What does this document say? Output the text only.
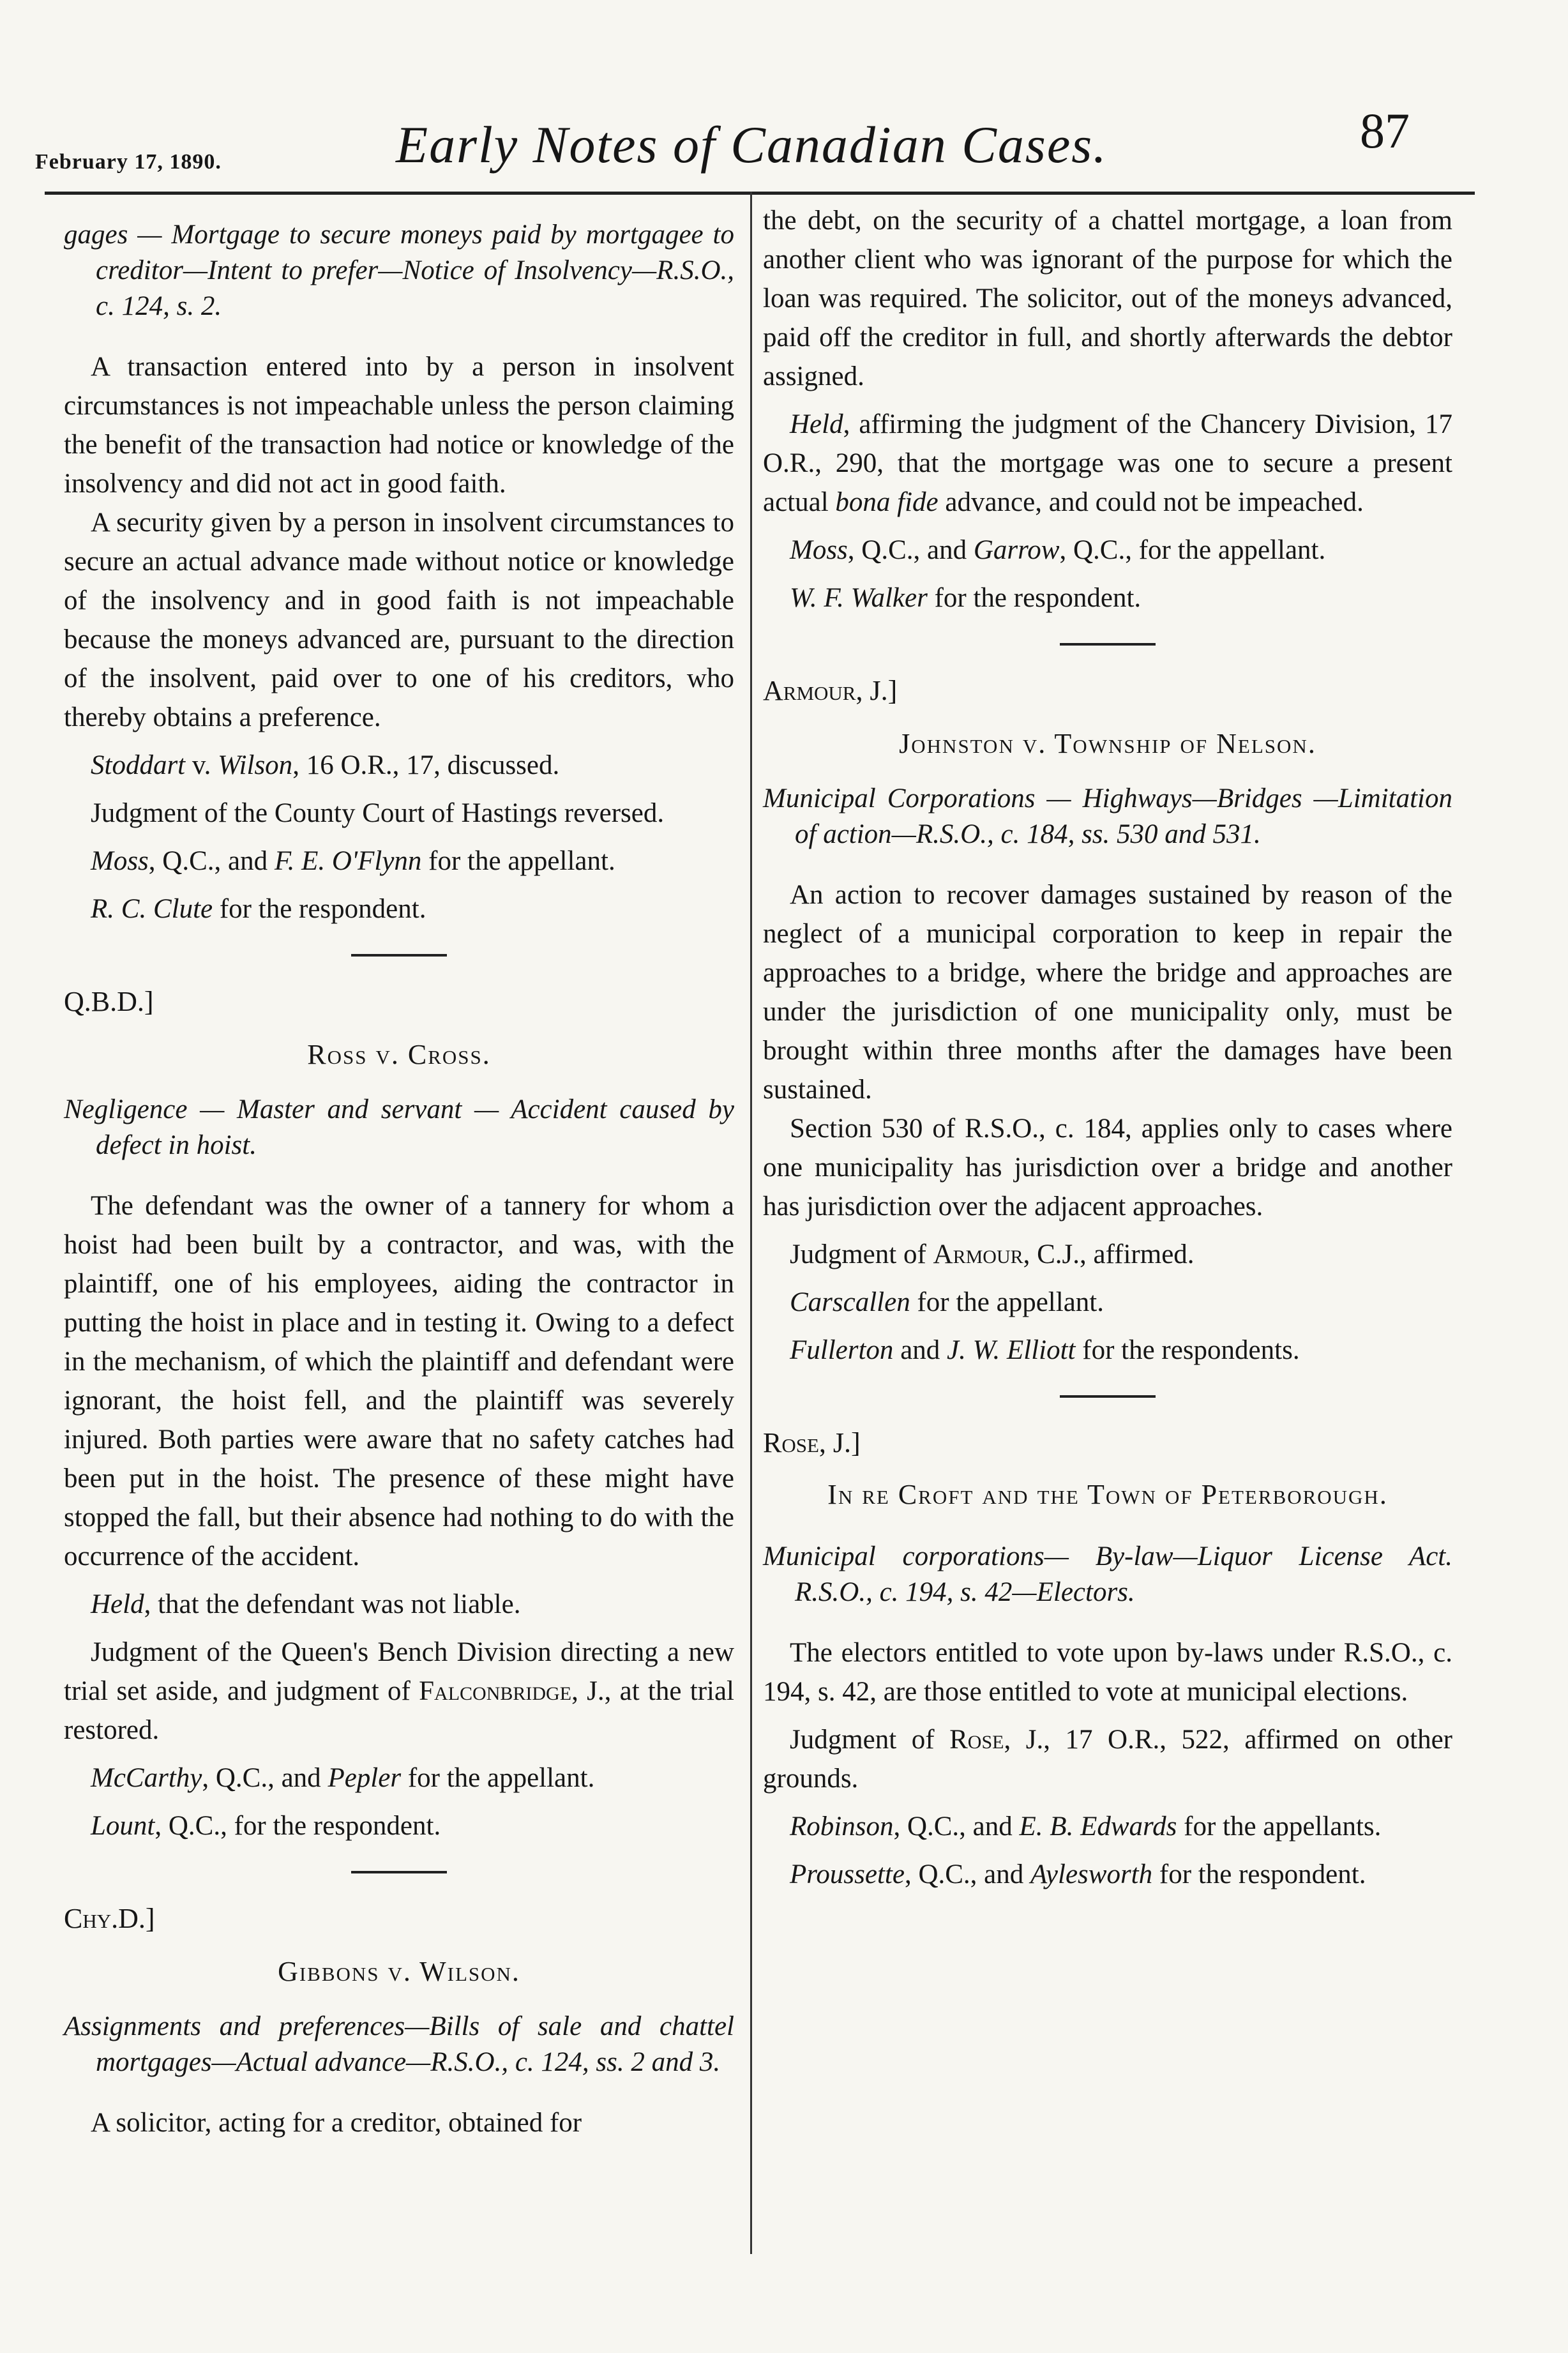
February 17, 1890.	Early Notes of Canadian Cases.	87

gages — Mortgage to secure moneys paid by mortgagee to creditor—Intent to prefer—Notice of Insolvency—R.S.O., c. 124, s. 2.

A transaction entered into by a person in insolvent circumstances is not impeachable unless the person claiming the benefit of the transaction had notice or knowledge of the insolvency and did not act in good faith.

A security given by a person in insolvent circumstances to secure an actual advance made without notice or knowledge of the insolvency and in good faith is not impeachable because the moneys advanced are, pursuant to the direction of the insolvent, paid over to one of his creditors, who thereby obtains a preference.

Stoddart v. Wilson, 16 O.R., 17, discussed.

Judgment of the County Court of Hastings reversed.

Moss, Q.C., and F. E. O'Flynn for the appellant.

R. C. Clute for the respondent.

Q.B.D.]
Ross v. Cross.

Negligence — Master and servant — Accident caused by defect in hoist.

The defendant was the owner of a tannery for whom a hoist had been built by a contractor, and was, with the plaintiff, one of his employees, aiding the contractor in putting the hoist in place and in testing it. Owing to a defect in the mechanism, of which the plaintiff and defendant were ignorant, the hoist fell, and the plaintiff was severely injured. Both parties were aware that no safety catches had been put in the hoist. The presence of these might have stopped the fall, but their absence had nothing to do with the occurrence of the accident.

Held, that the defendant was not liable.

Judgment of the Queen's Bench Division directing a new trial set aside, and judgment of Falconbridge, J., at the trial restored.

McCarthy, Q.C., and Pepler for the appellant.

Lount, Q.C., for the respondent.

Chy.D.]
Gibbons v. Wilson.

Assignments and preferences—Bills of sale and chattel mortgages—Actual advance—R.S.O., c. 124, ss. 2 and 3.

A solicitor, acting for a creditor, obtained for

the debt, on the security of a chattel mortgage, a loan from another client who was ignorant of the purpose for which the loan was required. The solicitor, out of the moneys advanced, paid off the creditor in full, and shortly afterwards the debtor assigned.

Held, affirming the judgment of the Chancery Division, 17 O.R., 290, that the mortgage was one to secure a present actual bona fide advance, and could not be impeached.

Moss, Q.C., and Garrow, Q.C., for the appellant.

W. F. Walker for the respondent.

Armour, J.]
Johnston v. Township of Nelson.

Municipal Corporations — Highways—Bridges —Limitation of action—R.S.O., c. 184, ss. 530 and 531.

An action to recover damages sustained by reason of the neglect of a municipal corporation to keep in repair the approaches to a bridge, where the bridge and approaches are under the jurisdiction of one municipality only, must be brought within three months after the damages have been sustained.

Section 530 of R.S.O., c. 184, applies only to cases where one municipality has jurisdiction over a bridge and another has jurisdiction over the adjacent approaches.

Judgment of Armour, C.J., affirmed.

Carscallen for the appellant.

Fullerton and J. W. Elliott for the respondents.

Rose, J.]
In re Croft and the Town of Peterborough.

Municipal corporations— By-law—Liquor License Act. R.S.O., c. 194, s. 42—Electors.

The electors entitled to vote upon by-laws under R.S.O., c. 194, s. 42, are those entitled to vote at municipal elections.

Judgment of Rose, J., 17 O.R., 522, affirmed on other grounds.

Robinson, Q.C., and E. B. Edwards for the appellants.

Proussette, Q.C., and Aylesworth for the respondent.
